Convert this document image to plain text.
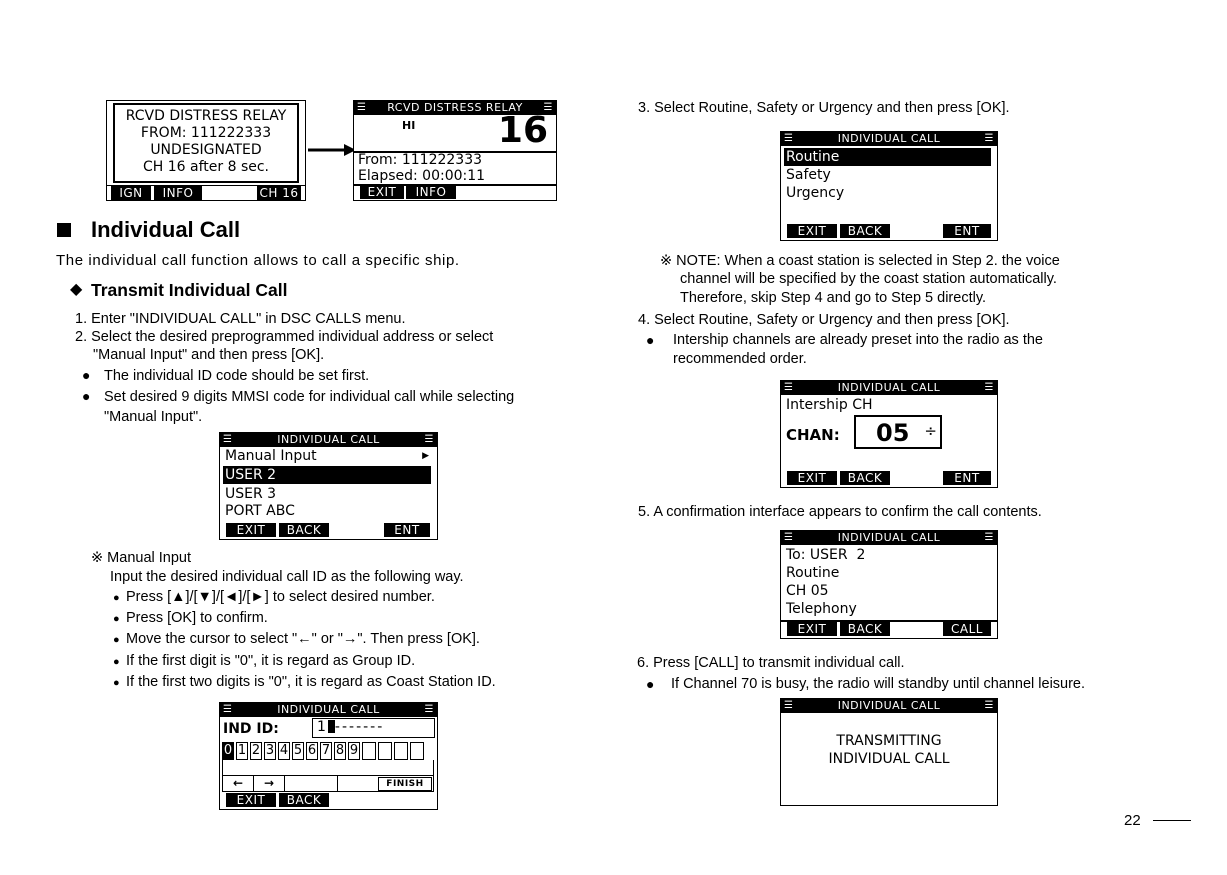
RCVD DISTRESS RELAY
FROM: 111222333
UNDESIGNATED
CH 16 after 8 sec.
IGN	INFO	CH 16
☰ RCVD DISTRESS RELAY ☰
HI 16
From: 111222333
Elapsed: 00:00:11
EXIT	INFO
Individual Call
The individual call function allows to call a specific ship.
◆ Transmit Individual Call
1. Enter "INDIVIDUAL CALL" in DSC CALLS menu.
2. Select the desired preprogrammed individual address or select
"Manual Input" and then press [OK].
● The individual ID code should be set first.
● Set desired 9 digits MMSI code for individual call while selecting
"Manual Input".
☰	INDIVIDUAL CALL	☰
Manual Input	▶
USER 2
USER 3
PORT ABC
EXIT	BACK	ENT
※ Manual Input
Input the desired individual call ID as the following way.
● Press [▲]/[▼]/[◄]/[►] to select desired number.
● Press [OK] to confirm.
● Move the cursor to select "←" or "→". Then press [OK].
● If the first digit is "0", it is regard as Group ID.
● If the first two digits is "0", it is regard as Coast Station ID.
☰	INDIVIDUAL CALL	☰
IND ID:	1 -------
0 1 2 3 4 5 6 7 8 9
←	→	FINISH
EXIT	BACK
3. Select Routine, Safety or Urgency and then press [OK].
☰	INDIVIDUAL CALL	☰
Routine
Safety
Urgency
EXIT	BACK	ENT
※ NOTE: When a coast station is selected in Step 2. the voice
channel will be specified by the coast station automatically.
Therefore, skip Step 4 and go to Step 5 directly.
4. Select Routine, Safety or Urgency and then press [OK].
● Intership channels are already preset into the radio as the
recommended order.
☰	INDIVIDUAL CALL	☰
Intership CH
CHAN: 05 ÷
EXIT	BACK	ENT
5. A confirmation interface appears to confirm the call contents.
☰	INDIVIDUAL CALL	☰
To: USER  2
Routine
CH 05
Telephony
EXIT	BACK	CALL
6. Press [CALL] to transmit individual call.
● If Channel 70 is busy, the radio will standby until channel leisure.
☰	INDIVIDUAL CALL	☰
TRANSMITTING
INDIVIDUAL CALL
22
